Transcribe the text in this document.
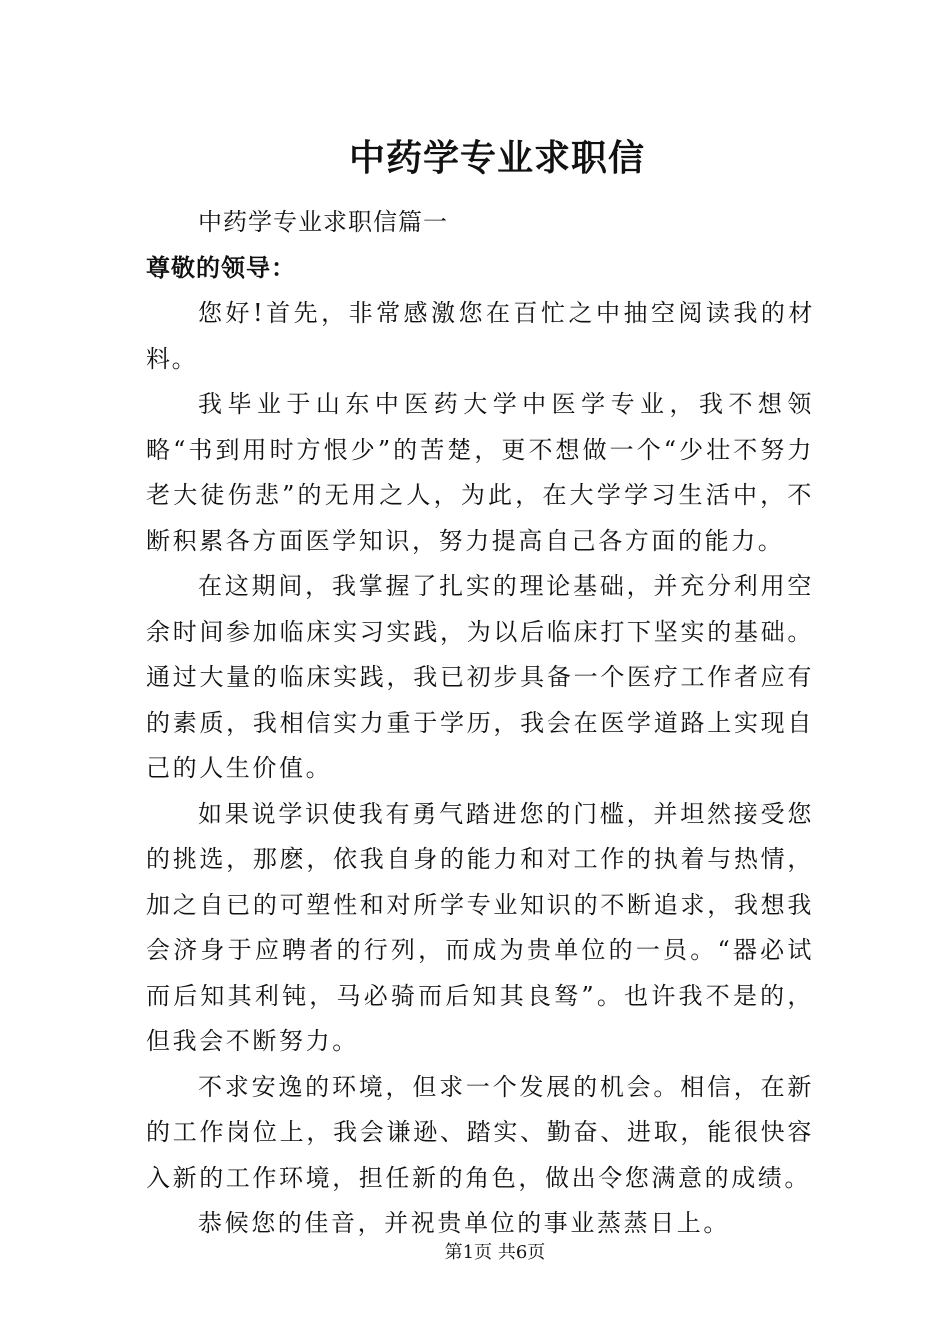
中药学专业求职信
中药学专业求职信篇一
尊敬的领导：

您好!首先，非常感激您在百忙之中抽空阅读我的材料。

我毕业于山东中医药大学中医学专业，我不想领略“书到用时方恨少”的苦楚，更不想做一个“少壮不努力老大徒伤悲”的无用之人，为此，在大学学习生活中，不断积累各方面医学知识，努力提高自己各方面的能力。

在这期间，我掌握了扎实的理论基础，并充分利用空余时间参加临床实习实践，为以后临床打下坚实的基础。通过大量的临床实践，我已初步具备一个医疗工作者应有的素质，我相信实力重于学历，我会在医学道路上实现自己的人生价值。

如果说学识使我有勇气踏进您的门槛，并坦然接受您的挑选，那麽，依我自身的能力和对工作的执着与热情，加之自已的可塑性和对所学专业知识的不断追求，我想我会济身于应聘者的行列，而成为贵单位的一员。“器必试而后知其利钝，马必骑而后知其良驽”。也许我不是的，但我会不断努力。

不求安逸的环境，但求一个发展的机会。相信，在新的工作岗位上，我会谦逊、踏实、勤奋、进取，能很快容入新的工作环境，担任新的角色，做出令您满意的成绩。

恭候您的佳音，并祝贵单位的事业蒸蒸日上。

第1页 共6页
